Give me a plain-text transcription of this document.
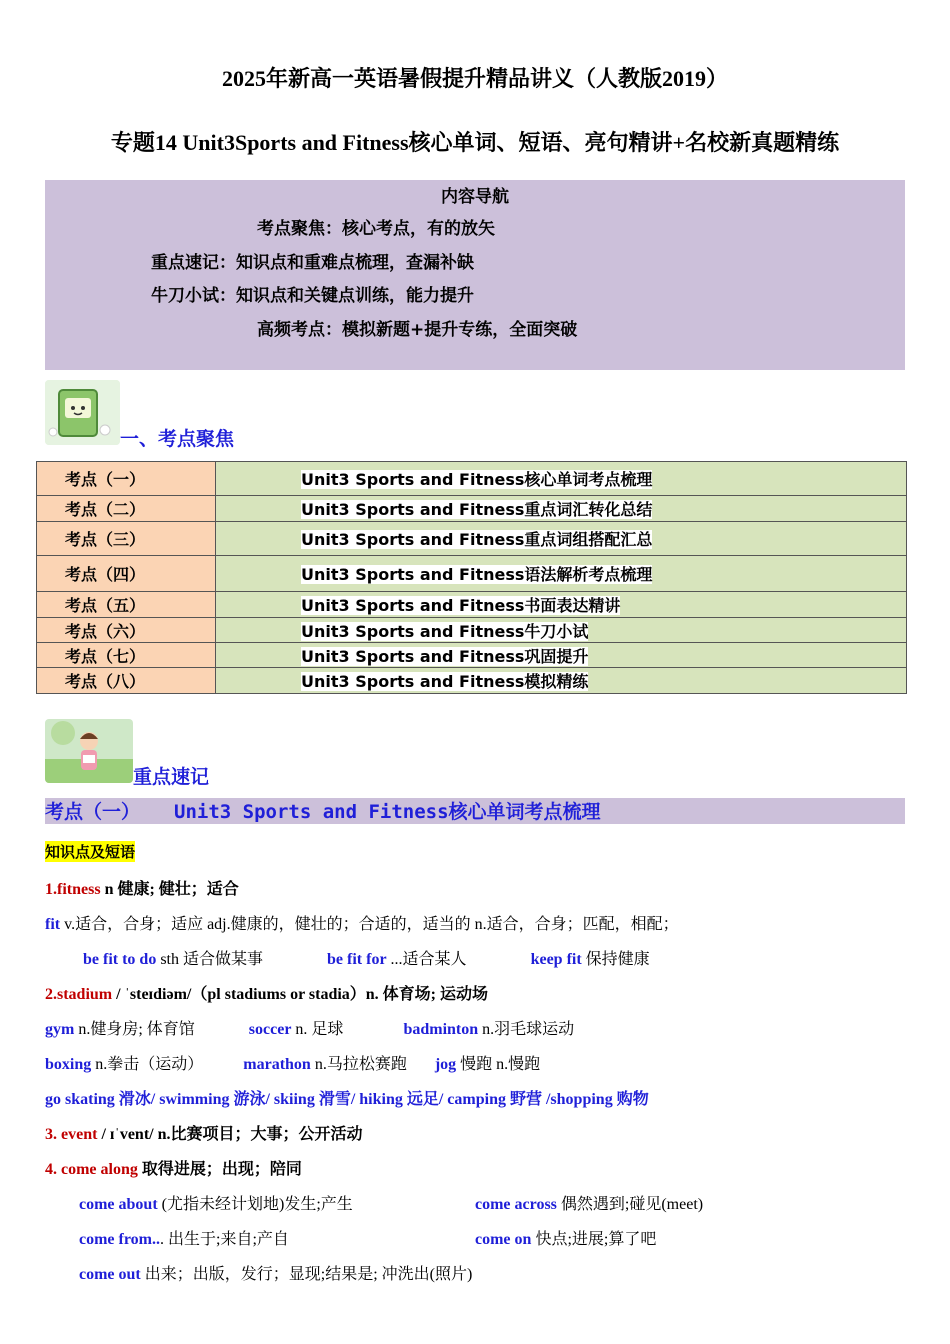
2025年新高一英语暑假提升精品讲义（人教版2019）
专题14 Unit3Sports and Fitness核心单词、短语、亮句精讲+名校新真题精练
内容导航
考点聚焦：核心考点，有的放矢
重点速记：知识点和重难点梳理，查漏补缺
牛刀小试：知识点和关键点训练，能力提升
高频考点：模拟新题+提升专练，全面突破
一、考点聚焦
考点（一）	Unit3 Sports and Fitness核心单词考点梳理
考点（二）	Unit3 Sports and Fitness重点词汇转化总结
考点（三）	Unit3 Sports and Fitness重点词组搭配汇总
考点（四）	Unit3 Sports and Fitness语法解析考点梳理
考点（五）	Unit3 Sports and Fitness书面表达精讲
考点（六）	Unit3 Sports and Fitness牛刀小试
考点（七）	Unit3 Sports and Fitness巩固提升
考点（八）	Unit3 Sports and Fitness模拟精练
重点速记
考点（一） Unit3 Sports and Fitness核心单词考点梳理
知识点及短语
1.fitness n 健康; 健壮；适合
fit v.适合，合身；适应 adj.健康的，健壮的；合适的，适当的 n.适合，合身；匹配，相配；
be fit to do sth 适合做某事	be fit for ...适合某人	keep fit 保持健康
2.stadium / ˈsteɪdiəm/（pl stadiums or stadia）n. 体育场; 运动场
gym n.健身房; 体育馆	soccer n. 足球	badminton n.羽毛球运动
boxing n.拳击（运动）	marathon n.马拉松赛跑 jog 慢跑 n.慢跑
go skating 滑冰/ swimming 游泳/ skiing 滑雪/ hiking 远足/ camping 野营 /shopping 购物
3. event / ɪˈvent/ n.比赛项目；大事；公开活动
4. come along 取得进展；出现；陪同
come about (尤指未经计划地)发生;产生	come across 偶然遇到;碰见(meet)
come from... 出生于;来自;产自	come on 快点;进展;算了吧
come out 出来；出版，发行；显现;结果是; 冲洗出(照片)
